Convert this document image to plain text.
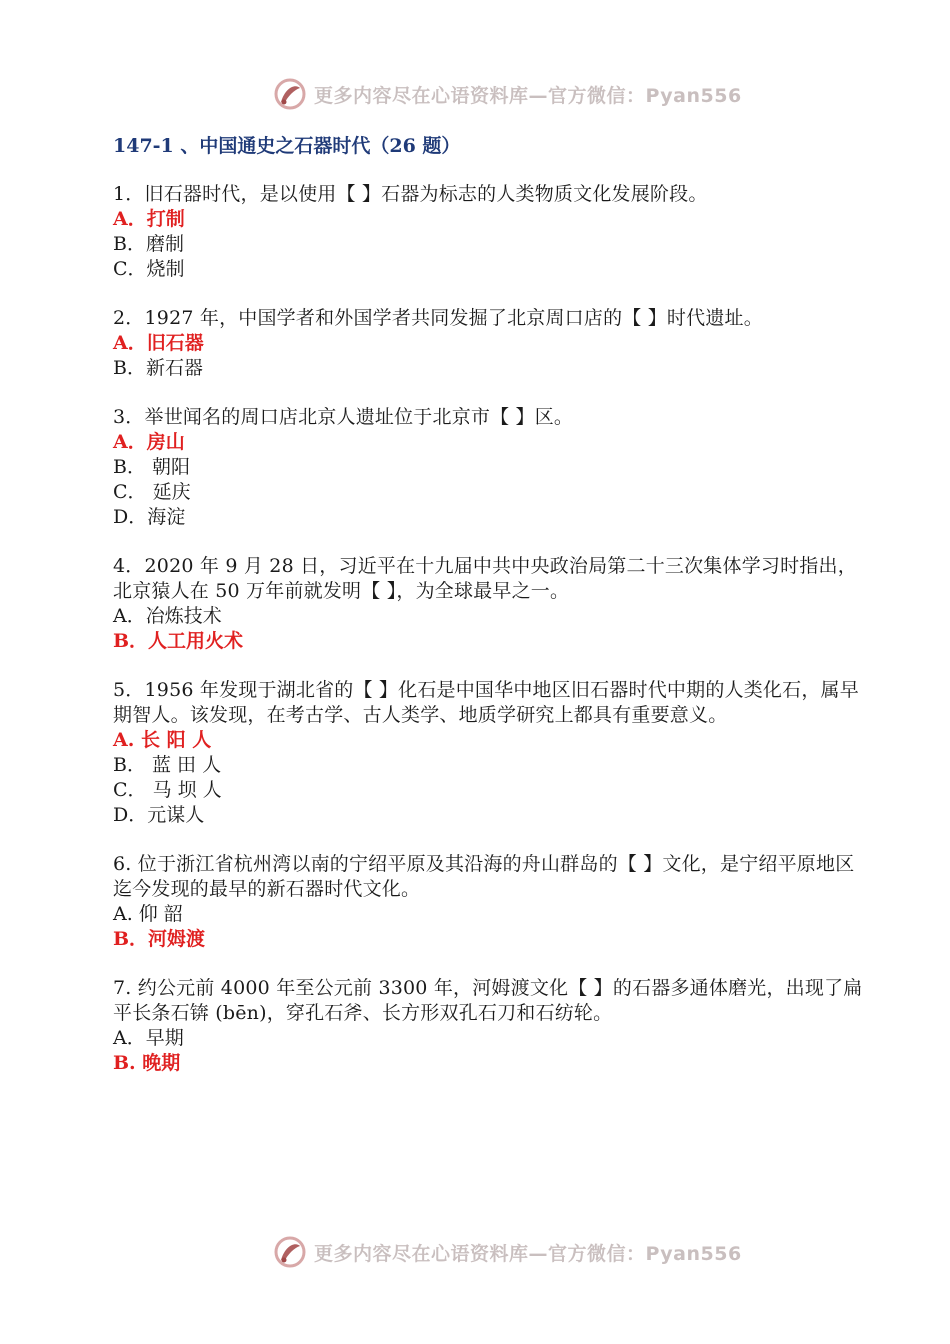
更多内容尽在心语资料库—官方微信：Pyan556
147-1 、中国通史之石器时代（26 题）
1．旧石器时代，是以使用【 】石器为标志的人类物质文化发展阶段。
A．打制
B．磨制
C．烧制
2．1927 年，中国学者和外国学者共同发掘了北京周口店的【 】时代遗址。
A．旧石器
B．新石器
3．举世闻名的周口店北京人遗址位于北京市【 】区。
A．房山
B． 朝阳
C． 延庆
D．海淀
4．2020 年 9 月 28 日，习近平在十九届中共中央政治局第二十三次集体学习时指出，北京猿人在 50 万年前就发明【 】，为全球最早之一。
A．冶炼技术
B．人工用火术
5．1956 年发现于湖北省的【 】化石是中国华中地区旧石器时代中期的人类化石，属早期智人。该发现，在考古学、古人类学、地质学研究上都具有重要意义。
A. 长 阳 人
B． 蓝 田 人
C． 马 坝 人
D．元谋人
6. 位于浙江省杭州湾以南的宁绍平原及其沿海的舟山群岛的【 】文化，是宁绍平原地区迄今发现的最早的新石器时代文化。
A. 仰 韶
B．河姆渡
7. 约公元前 4000 年至公元前 3300 年，河姆渡文化【 】的石器多通体磨光，出现了扁平长条石锛 (bēn)，穿孔石斧、长方形双孔石刀和石纺轮。
A．早期
B. 晚期
更多内容尽在心语资料库—官方微信：Pyan556
